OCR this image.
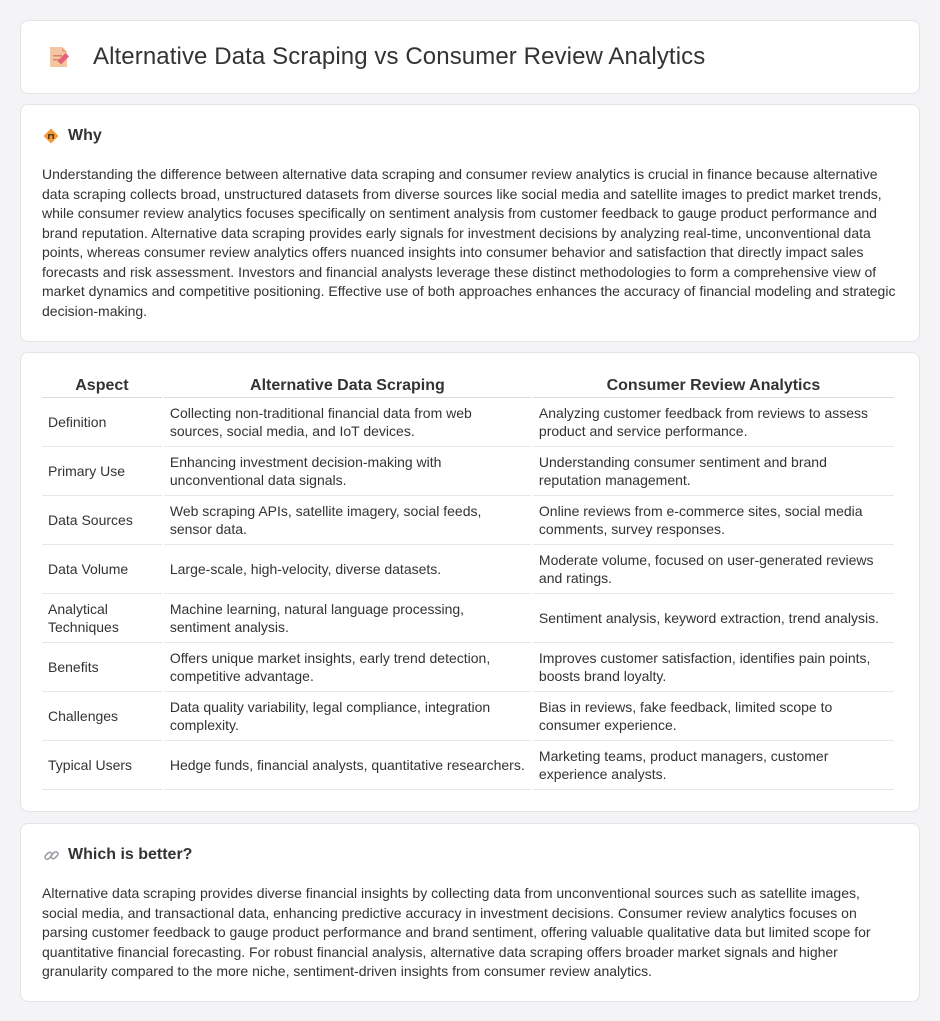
Alternative Data Scraping vs Consumer Review Analytics
Why

Understanding the difference between alternative data scraping and consumer review analytics is crucial in finance because alternative data scraping collects broad, unstructured datasets from diverse sources like social media and satellite images to predict market trends, while consumer review analytics focuses specifically on sentiment analysis from customer feedback to gauge product performance and brand reputation. Alternative data scraping provides early signals for investment decisions by analyzing real-time, unconventional data points, whereas consumer review analytics offers nuanced insights into consumer behavior and satisfaction that directly impact sales forecasts and risk assessment. Investors and financial analysts leverage these distinct methodologies to form a comprehensive view of market dynamics and competitive positioning. Effective use of both approaches enhances the accuracy of financial modeling and strategic decision-making.

Aspect	Alternative Data Scraping	Consumer Review Analytics
Definition	Collecting non-traditional financial data from web sources, social media, and IoT devices.	Analyzing customer feedback from reviews to assess product and service performance.
Primary Use	Enhancing investment decision-making with unconventional data signals.	Understanding consumer sentiment and brand reputation management.
Data Sources	Web scraping APIs, satellite imagery, social feeds, sensor data.	Online reviews from e-commerce sites, social media comments, survey responses.
Data Volume	Large-scale, high-velocity, diverse datasets.	Moderate volume, focused on user-generated reviews and ratings.
Analytical Techniques	Machine learning, natural language processing, sentiment analysis.	Sentiment analysis, keyword extraction, trend analysis.
Benefits	Offers unique market insights, early trend detection, competitive advantage.	Improves customer satisfaction, identifies pain points, boosts brand loyalty.
Challenges	Data quality variability, legal compliance, integration complexity.	Bias in reviews, fake feedback, limited scope to consumer experience.
Typical Users	Hedge funds, financial analysts, quantitative researchers.	Marketing teams, product managers, customer experience analysts.
Which is better?

Alternative data scraping provides diverse financial insights by collecting data from unconventional sources such as satellite images, social media, and transactional data, enhancing predictive accuracy in investment decisions. Consumer review analytics focuses on parsing customer feedback to gauge product performance and brand sentiment, offering valuable qualitative data but limited scope for quantitative financial forecasting. For robust financial analysis, alternative data scraping offers broader market signals and higher granularity compared to the more niche, sentiment-driven insights from consumer review analytics.
